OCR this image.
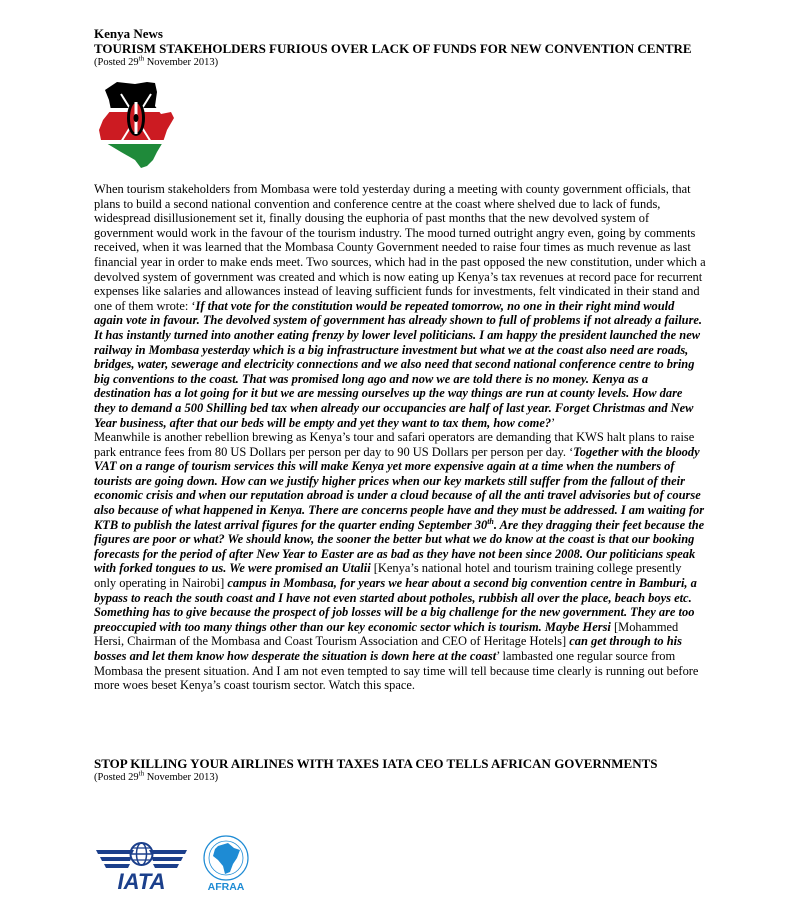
Kenya News
TOURISM STAKEHOLDERS FURIOUS OVER LACK OF FUNDS FOR NEW CONVENTION CENTRE
(Posted 29th November 2013)

When tourism stakeholders from Mombasa were told yesterday during a meeting with county government officials, that plans to build a second national convention and conference centre at the coast where shelved due to lack of funds, widespread disillusionement set it, finally dousing the euphoria of past months that the new devolved system of government would work in the favour of the tourism industry. The mood turned outright angry even, going by comments received, when it was learned that the Mombasa County Government needed to raise four times as much revenue as last financial year in order to make ends meet. Two sources, which had in the past opposed the new constitution, under which a devolved system of government was created and which is now eating up Kenya’s tax revenues at record pace for recurrent expenses like salaries and allowances instead of leaving sufficient funds for investments, felt vindicated in their stand and one of them wrote: ‘If that vote for the constitution would be repeated tomorrow, no one in their right mind would again vote in favour. The devolved system of government has already shown to full of problems if not already a failure. It has instantly turned into another eating frenzy by lower level politicians. I am happy the president launched the new railway in Mombasa yesterday which is a big infrastructure investment but what we at the coast also need are roads, bridges, water, sewerage and electricity connections and we also need that second national conference centre to bring big conventions to the coast. That was promised long ago and now we are told there is no money. Kenya as a destination has a lot going for it but we are messing ourselves up the way things are run at county levels. How dare they to demand a 500 Shilling bed tax when already our occupancies are half of last year. Forget Christmas and New Year business, after that our beds will be empty and yet they want to tax them, how come?’

Meanwhile is another rebellion brewing as Kenya’s tour and safari operators are demanding that KWS halt plans to raise park entrance fees from 80 US Dollars per person per day to 90 US Dollars per person per day. ‘Together with the bloody VAT on a range of tourism services this will make Kenya yet more expensive again at a time when the numbers of tourists are going down. How can we justify higher prices when our key markets still suffer from the fallout of their economic crisis and when our reputation abroad is under a cloud because of all the anti travel advisories but of course also because of what happened in Kenya. There are concerns people have and they must be addressed. I am waiting for KTB to publish the latest arrival figures for the quarter ending September 30th. Are they dragging their feet because the figures are poor or what? We should know, the sooner the better but what we do know at the coast is that our booking forecasts for the period of after New Year to Easter are as bad as they have not been since 2008. Our politicians speak with forked tongues to us. We were promised an Utalii [Kenya’s national hotel and tourism training college presently only operating in Nairobi] campus in Mombasa, for years we hear about a second big convention centre in Bamburi, a bypass to reach the south coast and I have not even started about potholes, rubbish all over the place, beach boys etc. Something has to give because the prospect of job losses will be a big challenge for the new government. They are too preoccupied with too many things other than our key economic sector which is tourism. Maybe Hersi [Mohammed Hersi, Chairman of the Mombasa and Coast Tourism Association and CEO of Heritage Hotels] can get through to his bosses and let them know how desperate the situation is down here at the coast’ lambasted one regular source from Mombasa the present situation. And I am not even tempted to say time will tell because time clearly is running out before more woes beset Kenya’s coast tourism sector. Watch this space.

STOP KILLING YOUR AIRLINES WITH TAXES IATA CEO TELLS AFRICAN GOVERNMENTS
(Posted 29th November 2013)
IATA	AFRAA
